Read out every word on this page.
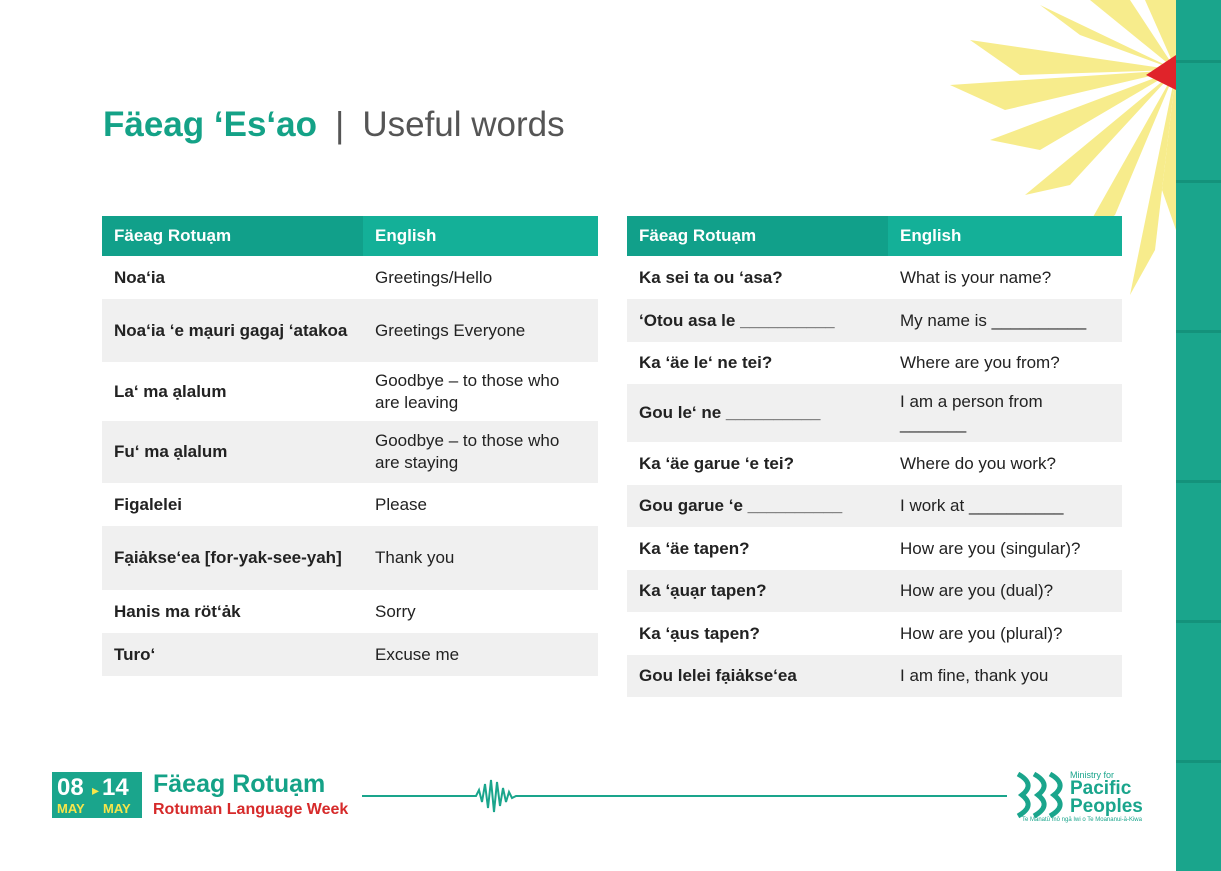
Fäeag ‘Es‘ao | Useful words
Fäeag Rotuạm	English
Noa‘ia	Greetings/Hello
Noa‘ia ‘e mạuri gagaj ‘atakoa	Greetings Everyone
La‘ ma ạlalum	Goodbye – to those who are leaving
Fu‘ ma ạlalum	Goodbye – to those who are staying
Figalelei	Please
Fạiȧkse‘ea [for-yak-see-yah]	Thank you
Hanis ma röt‘ȧk	Sorry
Turo‘	Excuse me
Fäeag Rotuạm	English
Ka sei ta ou ‘asa?	What is your name?
‘Otou asa le __________	My name is __________
Ka ‘äe le‘ ne tei?	Where are you from?
Gou le‘ ne __________	I am a person from _______
Ka ‘äe garue ‘e tei?	Where do you work?
Gou garue ‘e __________	I work at __________
Ka ‘äe tapen?	How are you (singular)?
Ka ‘ạuạr tapen?	How are you (dual)?
Ka ‘ạus tapen?	How are you (plural)?
Gou lelei fạiȧkse‘ea	I am fine, thank you
08 ▸ 14
MAY MAY
Fäeag Rotuạm
Rotuman Language Week
Ministry for
Pacific
Peoples
Te Manatū mō ngā Iwi o Te Moananui-ā-Kiwa
